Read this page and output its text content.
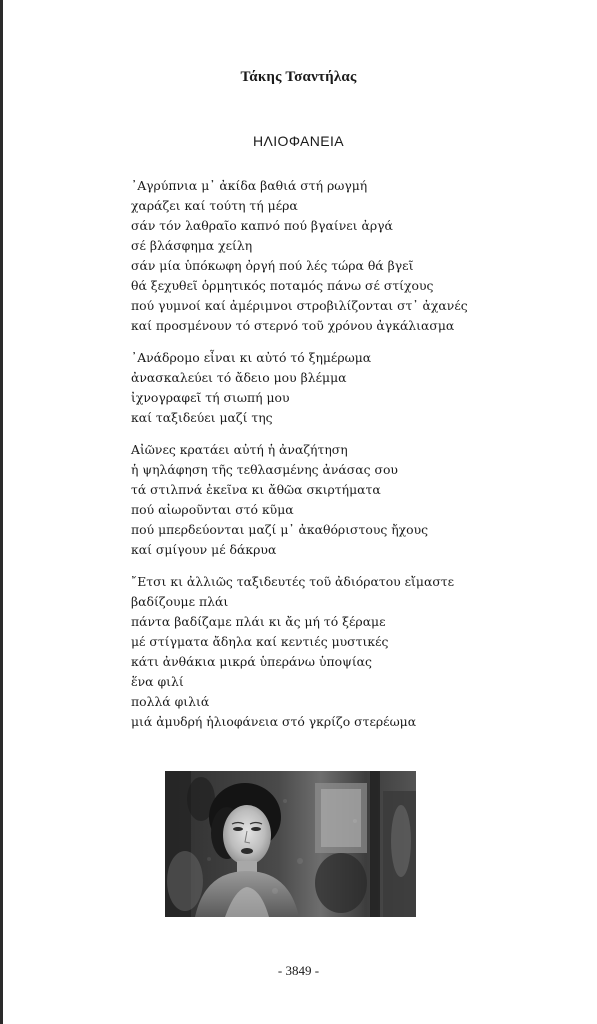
Τάκης Τσαντήλας
ΗΛΙΟΦΑΝΕΙΑ
᾿Αγρύπνια μ᾿ ἀκίδα βαθιά στή ρωγμή
χαράζει καί τούτη τή μέρα
σάν τόν λαθραῖο καπνό πού βγαίνει ἀργά
σέ βλάσφημα χείλη
σάν μία ὑπόκωφη ὀργή πού λές τώρα θά βγεῖ
θά ξεχυθεῖ ὁρμητικός ποταμός πάνω σέ στίχους
πού γυμνοί καί ἀμέριμνοι στροβιλίζονται στ᾿ ἀχανές
καί προσμένουν τό στερνό τοῦ χρόνου ἀγκάλιασμα
᾿Ανάδρομο εἶναι κι αὐτό τό ξημέρωμα
ἀνασκαλεύει τό ἄδειο μου βλέμμα
ἰχνογραφεῖ τή σιωπή μου
καί ταξιδεύει μαζί της
Αἰῶνες κρατάει αὐτή ἡ ἀναζήτηση
ἡ ψηλάφηση τῆς τεθλασμένης ἀνάσας σου
τά στιλπνά ἐκεῖνα κι ἄθῶα σκιρτήματα
πού αἰωροῦνται στό κῦμα
πού μπερδεύονται μαζί μ᾿ ἀκαθόριστους ἤχους
καί σμίγουν μέ δάκρυα
῎Ετσι κι ἀλλιῶς ταξιδευτές τοῦ ἀδιόρατου εἴμαστε
βαδίζουμε πλάι
πάντα βαδίζαμε πλάι κι ἄς μή τό ξέραμε
μέ στίγματα ἄδηλα καί κεντιές μυστικές
κάτι ἀνθάκια μικρά ὑπεράνω ὑποψίας
ἕνα φιλί
πολλά φιλιά
μιά ἀμυδρή ἡλιοφάνεια στό γκρίζο στερέωμα
- 3849 -
